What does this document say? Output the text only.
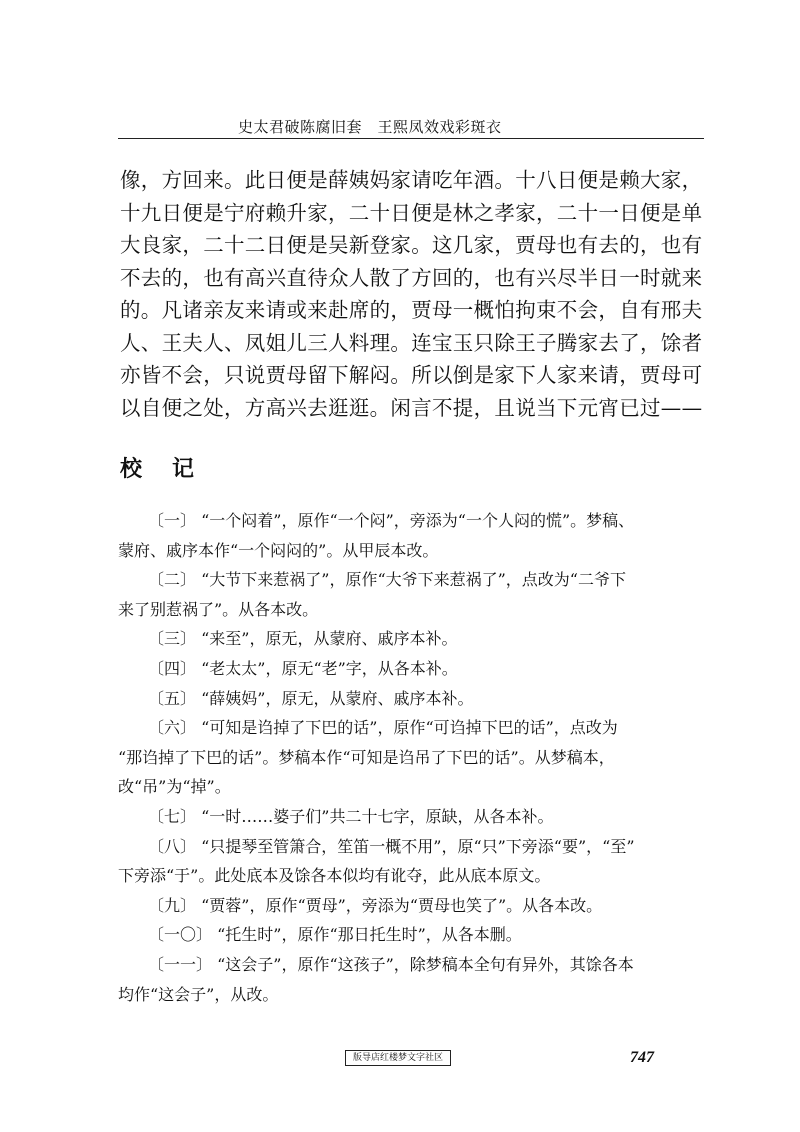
史太君破陈腐旧套　王熙凤效戏彩斑衣
像，方回来。此日便是薛姨妈家请吃年酒。十八日便是赖大家，
十九日便是宁府赖升家，二十日便是林之孝家，二十一日便是单
大良家，二十二日便是吴新登家。这几家，贾母也有去的，也有
不去的，也有高兴直待众人散了方回的，也有兴尽半日一时就来
的。凡诸亲友来请或来赴席的，贾母一概怕拘束不会，自有邢夫
人、王夫人、凤姐儿三人料理。连宝玉只除王子腾家去了，馀者
亦皆不会，只说贾母留下解闷。所以倒是家下人家来请，贾母可
以自便之处，方高兴去逛逛。闲言不提，且说当下元宵已过——
校记
〔一〕 “一个闷着”，原作“一个闷”，旁添为“一个人闷的慌”。梦稿、
蒙府、戚序本作“一个闷闷的”。从甲辰本改。
〔二〕 “大节下来惹祸了”，原作“大爷下来惹祸了”，点改为“二爷下
来了别惹祸了”。从各本改。
〔三〕 “来至”，原无，从蒙府、戚序本补。
〔四〕 “老太太”，原无“老”字，从各本补。
〔五〕 “薛姨妈”，原无，从蒙府、戚序本补。
〔六〕 “可知是诌掉了下巴的话”，原作“可诌掉下巴的话”，点改为
“那诌掉了下巴的话”。梦稿本作“可知是诌吊了下巴的话”。从梦稿本，
改“吊”为“掉”。
〔七〕 “一时……婆子们”共二十七字，原缺，从各本补。
〔八〕 “只提琴至管箫合，笙笛一概不用”，原“只”下旁添“要”，“至”
下旁添“于”。此处底本及馀各本似均有讹夺，此从底本原文。
〔九〕 “贾蓉”，原作“贾母”，旁添为“贾母也笑了”。从各本改。
〔一〇〕 “托生时”，原作“那日托生时”，从各本删。
〔一一〕 “这会子”，原作“这孩子”，除梦稿本全句有异外，其馀各本
均作“这会子”，从改。
版导店红楼梦文字社区	747
